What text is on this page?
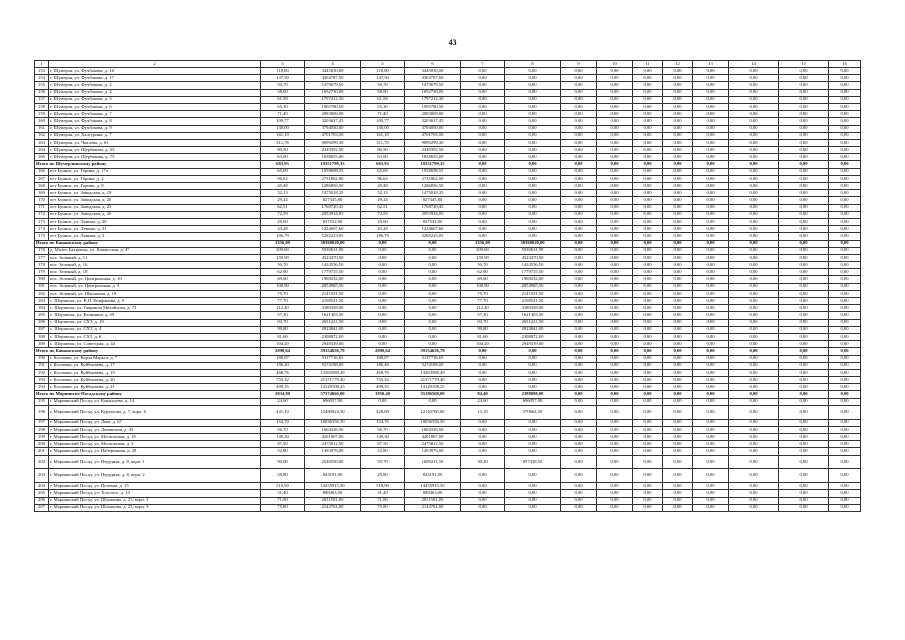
43
1	2	3	4	5	6	7	8	9	10	11	12	13	14	15	16
153	г. Шумерля, ул. Фучбокова, д. 16	118,00	3445830,00	118,00	3445830,00	0,00	0,00	0,00	0,00	0,00	0,00	0,00	0,00	0,00	0,00
154	г. Шумерля, ул. Фучбокова, д. 17	147,50	4304787,50	147,50	4304787,50	0,00	0,00	0,00	0,00	0,00	0,00	0,00	0,00	0,00	0,00
155	г. Шумерля, ул. Фучбокова, д. 2	50,70	1479679,50	50,70	1479679,50	0,00	0,00	0,00	0,00	0,00	0,00	0,00	0,00	0,00	0,00
156	г. Шумерля, ул. Фучбокова, д. 4	58,00	1692730,00	58,00	1692730,00	0,00	0,00	0,00	0,00	0,00	0,00	0,00	0,00	0,00	0,00
157	г. Шумерля, ул. Фучбокова, д. 5	61,58	1797212,30	61,58	1797212,30	0,00	0,00	0,00	0,00	0,00	0,00	0,00	0,00	0,00	0,00
158	г. Шумерля, ул. Фучбокова, д. 6	65,30	1905780,50	65,30	1905780,50	0,00	0,00	0,00	0,00	0,00	0,00	0,00	0,00	0,00	0,00
159	г. Шумерля, ул. Фучбокова, д. 7	71,40	2083809,00	71,40	2083809,00	0,00	0,00	0,00	0,00	0,00	0,00	0,00	0,00	0,00	0,00
160	г. Шумерля, ул. Фучбокова, д. 8	109,77	3203637,45	109,77	3203637,45	0,00	0,00	0,00	0,00	0,00	0,00	0,00	0,00	0,00	0,00
161	г. Шумерля, ул. Фучбокова, д. 9	130,00	3794050,00	130,00	3794050,00	0,00	0,00	0,00	0,00	0,00	0,00	0,00	0,00	0,00	0,00
162	г. Шумерля, ул. Халтурина, д. 7	161,10	4701703,50	161,10	4701703,50	0,00	0,00	0,00	0,00	0,00	0,00	0,00	0,00	0,00	0,00
163	г. Шумерля, ул. Чкалова, д. 61	311,78	9099299,30	311,78	9099299,30	0,00	0,00	0,00	0,00	0,00	0,00	0,00	0,00	0,00	0,00
164	г. Шумерля, ул. Щербакова, д. 35	80,50	2349392,50	80,50	2349392,50	0,00	0,00	0,00	0,00	0,00	0,00	0,00	0,00	0,00	0,00
165	г. Шумерля, ул. Щербакова, д. 75	63,00	1838655,00	63,00	1838655,00	0,00	0,00	0,00	0,00	0,00	0,00	0,00	0,00	0,00	0,00
Итого по Шумерлинскому району		683,93	19351799,35	683,93	19351799,35	0,00	0,00	0,00	0,00	0,00	0,00	0,00	0,00	0,00	0,00
166	пгт Буинск, ул. Горина, д. 17а	65,69	1958698,55	65,69	1958698,55	0,00	0,00	0,00	0,00	0,00	0,00	0,00	0,00	0,00	0,00
167	пгт Буинск, ул. Горина, д. 2	96,62	2731862,00	96,62	2731862,00	0,00	0,00	0,00	0,00	0,00	0,00	0,00	0,00	0,00	0,00
168	пгт Буинск, ул. Горина, д. 8	45,48	1286856,50	45,48	1286856,50	0,00	0,00	0,00	0,00	0,00	0,00	0,00	0,00	0,00	0,00
169	пгт Буинск, ул. Заводская, д. 19	52,13	1475018,35	52,13	1475018,35	0,00	0,00	0,00	0,00	0,00	0,00	0,00	0,00	0,00	0,00
170	пгт Буинск, ул. Заводская, д. 20	29,24	827345,80	29,24	827345,80	0,00	0,00	0,00	0,00	0,00	0,00	0,00	0,00	0,00	0,00
171	пгт Буинск, ул. Заводская, д. 25	62,51	1768720,45	62,51	1768720,45	0,00	0,00	0,00	0,00	0,00	0,00	0,00	0,00	0,00	0,00
172	пгт Буинск, ул. Заводская, д. 26	72,59	2053934,05	72,59	2053934,05	0,00	0,00	0,00	0,00	0,00	0,00	0,00	0,00	0,00	0,00
173	пгт Буинск, ул. Ленина, д. 20	29,60	837532,00	29,60	837532,00	0,00	0,00	0,00	0,00	0,00	0,00	0,00	0,00	0,00	0,00
174	пгт Буинск, ул. Ленина, д. 21	43,28	1224607,60	43,28	1224607,60	0,00	0,00	0,00	0,00	0,00	0,00	0,00	0,00	0,00	0,00
175	пгт Буинск, ул. Ленина, д. 3	186,79	5285223,05	186,79	5285223,05	0,00	0,00	0,00	0,00	0,00	0,00	0,00	0,00	0,00	0,00
Итого по Канашскому району		1356,00	38368020,00	0,00	0,00	1356,00	38368020,00	0,00	0,00	0,00	0,00	0,00	0,00	0,00	0,00
176	д. Малое Бахмнтьи, ул. Канашская, д. 47	209,60	5930631,00	0,00	0,00	209,60	5930631,98	0,00	0,00	0,00	0,00	0,00	0,00	0,00	0,00
177	пос. Зеленый, д. 11	159,90	4524370,50	0,00	0,00	159,90	4524370,50	0,00	0,00	0,00	0,00	0,00	0,00	0,00	0,00
178	пос. Зеленый, д. 16	50,70	1434556,50	0,00	0,00	50,70	1434556,50	0,00	0,00	0,00	0,00	0,00	0,00	0,00	0,00
179	пос. Зеленый, д. 18	62,90	1779755,50	0,00	0,00	62,90	1779755,50	0,00	0,00	0,00	0,00	0,00	0,00	0,00	0,00
180	пос. Зеленый, ул. Центральная, д. 10	69,60	1969332,00	0,00	0,00	69,60	1969332,00	0,00	0,00	0,00	0,00	0,00	0,00	0,00	0,00
181	пос. Зеленый, ул. Центральная, д. 3	100,90	2854965,50	0,00	0,00	100,90	2854965,50	0,00	0,00	0,00	0,00	0,00	0,00	0,00	0,00
182	пос. Зеленый, ул. Школьная, д. 19	75,70	2141931,50	0,00	0,00	75,70	2141931,50	0,00	0,00	0,00	0,00	0,00	0,00	0,00	0,00
183	с. Шоршелы, ул. В.П. Епифанова, д. 9	77,70	2198521,50	0,00	0,00	77,70	2198521,50	0,00	0,00	0,00	0,00	0,00	0,00	0,00	0,00
184	с. Шоршелы, ул. Гавриила Михайлова, д. 71	112,40	3180358,00	0,00	0,00	112,40	3180358,00	0,00	0,00	0,00	0,00	0,00	0,00	0,00	0,00
185	с. Шоршелы, ул. Калинина, д. 39	57,30	1621303,50	0,00	0,00	57,30	1621303,50	0,00	0,00	0,00	0,00	0,00	0,00	0,00	0,00
186	с. Шоршелы, ул. СХТ, д. 18	93,70	2651241,50	0,00	0,00	93,70	2651241,50	0,00	0,00	0,00	0,00	0,00	0,00	0,00	0,00
187	с. Шоршелы, ул. СХТ, д. 4	99,80	2823841,00	0,00	0,00	99,80	2823841,00	0,00	0,00	0,00	0,00	0,00	0,00	0,00	0,00
188	с. Шоршелы, ул. СХТ, д. 6	81,60	2308872,00	0,00	0,00	81,60	2308872,00	0,00	0,00	0,00	0,00	0,00	0,00	0,00	0,00
189	с. Шоршелы, ул. Советская, д. 44	104,20	2948339,00	0,00	0,00	104,20	2948339,00	0,00	0,00	0,00	0,00	0,00	0,00	0,00	0,00
Итого по Канашскому району		2090,64	59154656,79	2090,64	59154656,79	0,00	0,00	0,00	0,00	0,00	0,00	0,00	0,00	0,00	0,00
190	г. Козловка, ул. Карла Маркса, д. 7	180,87	5117716,65	180,87	5117716,65	0,00	0,00	0,00	0,00	0,00	0,00	0,00	0,00	0,00	0,00
191	г. Козловка, ул. Куйбышева, д. 17	186,40	5274188,00	186,40	5274188,00	0,00	0,00	0,00	0,00	0,00	0,00	0,00	0,00	0,00	0,00
192	г. Козловка, ул. Куйбышева, д. 19	468,76	13263588,49	468,76	13263588,49	0,00	0,00	0,00	0,00	0,00	0,00	0,00	0,00	0,00	0,00
193	г. Козловка, ул. Куйбышева, д. 20	755,32	21371779,40	755,32	21371779,40	0,00	0,00	0,00	0,00	0,00	0,00	0,00	0,00	0,00	0,00
194	г. Козловка, ул. Куйбышева, д. 21	499,35	14129108,25	499,35	14129108,25	0,00	0,00	0,00	0,00	0,00	0,00	0,00	0,00	0,00	0,00
Итого по Мариинско-Посадскому району		2034,80	57574666,00	1950,40	55186568,00	84,40	2388098,00	0,00	0,00	0,00	0,00	0,00	0,00	0,00	0,00
195	г. Мариинский Посад, ул. Кашкалова, д. 14	24,60	696057,00	0,00	0,00	24,60	696057,00	0,00	0,00	0,00	0,00	0,00	0,00	0,00	0,00
196	г. Мариинский Посад, ул. Курчатова, д. 7, корп. 6	441,10	12480924,50	428,00	12110760,00	13,10	370664,50	0,00	0,00	0,00	0,00	0,00	0,00	0,00	0,00
197	г. Мариинский Посад, ул. Льва, д. 67	154,70	10036356,50	154,70	10036356,50	0,00	0,00	0,00	0,00	0,00	0,00	0,00	0,00	0,00	0,00
198	г. Мариинский Посад, ул. Ленинская, д. 45	56,70	1604326,50	56,70	1604326,50	0,00	0,00	0,00	0,00	0,00	0,00	0,00	0,00	0,00	0,00
199	г. Мариинский Посад, ул. Московская, д. 18	149,30	4201807,00	149,30	4201807,00	0,00	0,00	0,00	0,00	0,00	0,00	0,00	0,00	0,00	0,00
200	г. Мариинский Посад, ул. Московская, д. 3	87,50	2475812,50	87,50	2475812,50	0,00	0,00	0,00	0,00	0,00	0,00	0,00	0,00	0,00	0,00
201	г. Мариинский Посад, ул. Набережная, д. 28	52,80	1493976,00	52,80	1493976,00	0,00	0,00	0,00	0,00	0,00	0,00	0,00	0,00	0,00	0,00
202	г. Мариинский Посад, ул. Нерудная, д. 8, корп. 1	90,00	2546550,00	59,70	1689211,50	30,30	857338,50	0,00	0,00	0,00	0,00	0,00	0,00	0,00	0,00
203	г. Мариинский Посад, ул. Нерудная, д. 8, корп. 2	29,80	843191,00	29,80	843191,00	0,00	0,00	0,00	0,00	0,00	0,00	0,00	0,00	0,00	0,00
204	г. Мариинский Посад, ул. Полевая, д. 15	510,90	14455915,50	510,90	14455915,50	0,00	0,00	0,00	0,00	0,00	0,00	0,00	0,00	0,00	0,00
205	г. Мариинский Посад, ул. Толстого, д. 14	31,40	888463,00	31,40	888463,00	0,00	0,00	0,00	0,00	0,00	0,00	0,00	0,00	0,00	0,00
206	г. Мариинский Посад, ул. Шоханова, д. 23, корп. 2	71,80	2031581,00	71,80	2031581,00	0,00	0,00	0,00	0,00	0,00	0,00	0,00	0,00	0,00	0,00
207	г. Мариинский Посад, ул. Шоханова, д. 23, корп. 3	75,80	2144761,00	75,80	2144761,00	0,00	0,00	0,00	0,00	0,00	0,00	0,00	0,00	0,00	0,00
